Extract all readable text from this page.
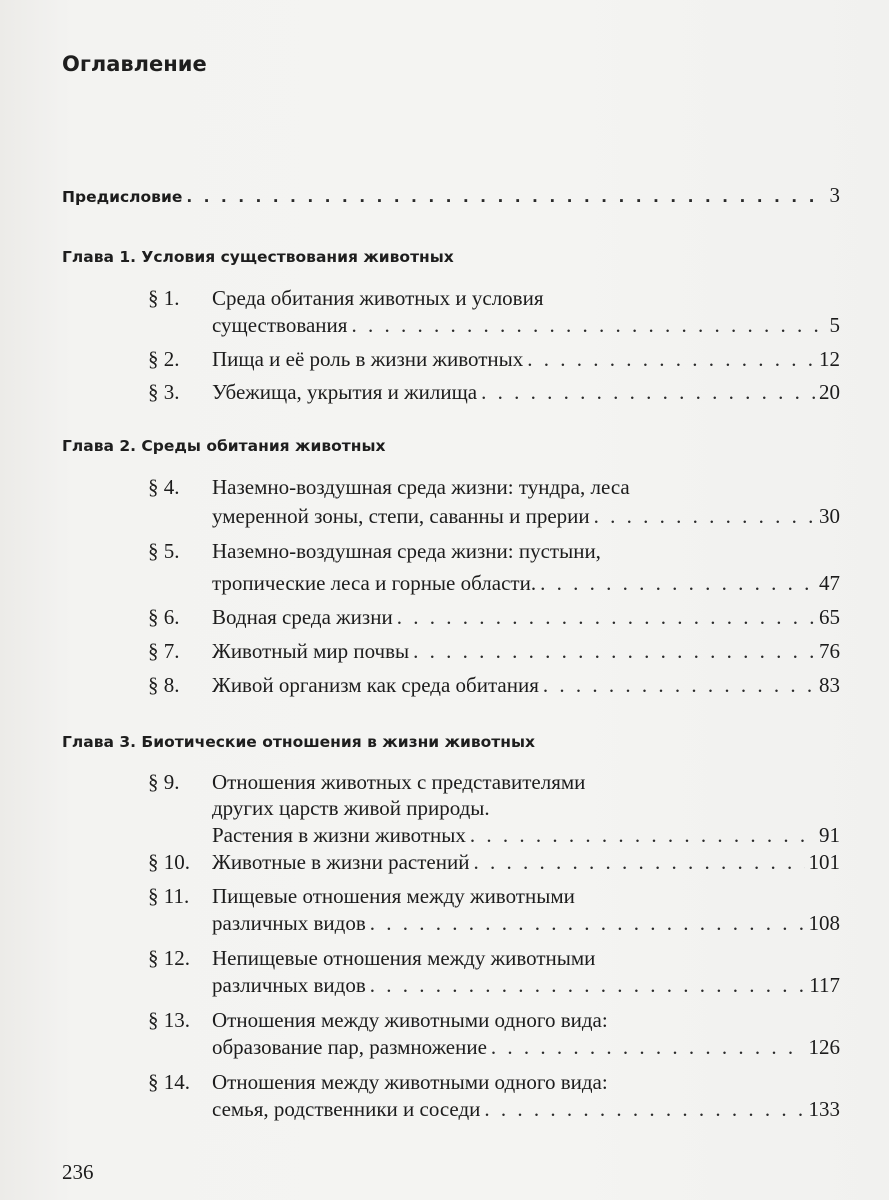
Оглавление
Предисловие . . .	3
Глава 1. Условия существования животных
§ 1. Среда обитания животных и условия
существования . . .	5
§ 2. Пища и её роль в жизни животных . . .	12
§ 3. Убежища, укрытия и жилища . . .	20
Глава 2. Среды обитания животных
§ 4. Наземно-воздушная среда жизни: тундра, леса
умеренной зоны, степи, саванны и прерии . . .	30
§ 5. Наземно-воздушная среда жизни: пустыни,
тропические леса и горные области. . . .	47
§ 6. Водная среда жизни . . .	65
§ 7. Животный мир почвы . . .	76
§ 8. Живой организм как среда обитания . . .	83
Глава 3. Биотические отношения в жизни животных
§ 9. Отношения животных с представителями
других царств живой природы.
Растения в жизни животных . . .	91
§ 10. Животные в жизни растений . . .	101
§ 11. Пищевые отношения между животными
различных видов . . .	108
§ 12. Непищевые отношения между животными
различных видов . . .	117
§ 13. Отношения между животными одного вида:
образование пар, размножение . . .	126
§ 14. Отношения между животными одного вида:
семья, родственники и соседи . . .	133
236
